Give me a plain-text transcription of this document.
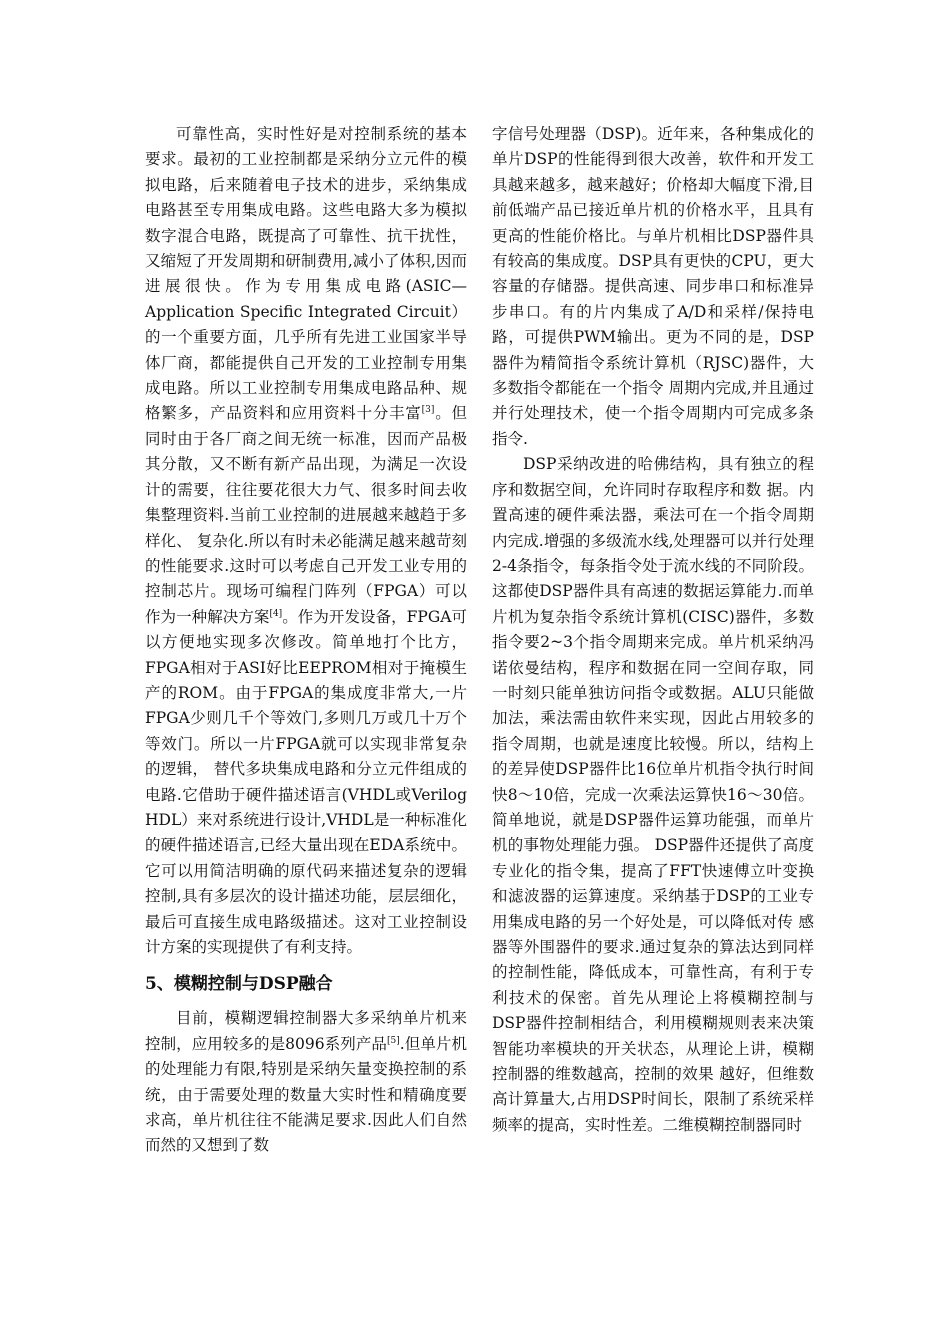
可靠性高，实时性好是对控制系统的基本要求。最初的工业控制都是采纳分立元件的模拟电路，后来随着电子技术的进步，采纳集成电路甚至专用集成电路。这些电路大多为模拟数字混合电路，既提高了可靠性、抗干扰性，又缩短了开发周期和研制费用,减小了体积,因而进展很快。作为专用集成电路(ASIC—Application Specific Integrated Circuit）的一个重要方面，几乎所有先进工业国家半导体厂商，都能提供自己开发的工业控制专用集成电路。所以工业控制专用集成电路品种、规格繁多，产品资料和应用资料十分丰富[3]。但同时由于各厂商之间无统一标准，因而产品极其分散，又不断有新产品出现，为满足一次设计的需要，往往要花很大力气、很多时间去收集整理资料.当前工业控制的进展越来越趋于多样化、 复杂化.所以有时未必能满足越来越苛刻的性能要求.这时可以考虑自己开发工业专用的控制芯片。现场可编程门阵列（FPGA）可以作为一种解决方案[4]。作为开发设备，FPGA可以方便地实现多次修改。简单地打个比方，FPGA相对于ASI好比EEPROM相对于掩模生产的ROM。由于FPGA的集成度非常大,一片FPGA少则几千个等效门,多则几万或几十万个等效门。所以一片FPGA就可以实现非常复杂的逻辑， 替代多块集成电路和分立元件组成的电路.它借助于硬件描述语言(VHDL或Verilog HDL）来对系统进行设计,VHDL是一种标准化的硬件描述语言,已经大量出现在EDA系统中。它可以用简洁明确的原代码来描述复杂的逻辑控制,具有多层次的设计描述功能，层层细化，最后可直接生成电路级描述。这对工业控制设计方案的实现提供了有利支持。

5、模糊控制与DSP融合

目前，模糊逻辑控制器大多采纳单片机来控制，应用较多的是8096系列产品[5].但单片机的处理能力有限,特别是采纳矢量变换控制的系统，由于需要处理的数量大实时性和精确度要求高，单片机往往不能满足要求.因此人们自然而然的又想到了数

字信号处理器（DSP)。近年来，各种集成化的单片DSP的性能得到很大改善，软件和开发工具越来越多，越来越好；价格却大幅度下滑,目前低端产品已接近单片机的价格水平，且具有更高的性能价格比。与单片机相比DSP器件具有较高的集成度。DSP具有更快的CPU，更大容量的存储器。提供高速、同步串口和标准异步串口。有的片内集成了A/D和采样/保持电路，可提供PWM输出。更为不同的是，DSP器件为精简指令系统计算机（RJSC)器件，大多数指令都能在一个指令 周期内完成,并且通过并行处理技术，使一个指令周期内可完成多条指令.

DSP采纳改进的哈佛结构，具有独立的程序和数据空间，允许同时存取程序和数 据。内置高速的硬件乘法器，乘法可在一个指令周期内完成.增强的多级流水线,处理器可以并行处理2-4条指令，每条指令处于流水线的不同阶段。这都使DSP器件具有高速的数据运算能力.而单片机为复杂指令系统计算机(CISC)器件，多数指令要2~3个指令周期来完成。单片机采纳冯诺依曼结构，程序和数据在同一空间存取，同一时刻只能单独访问指令或数据。ALU只能做加法，乘法需由软件来实现，因此占用较多的指令周期，也就是速度比较慢。所以，结构上的差异使DSP器件比16位单片机指令执行时间快8～10倍，完成一次乘法运算快16～30倍。简单地说，就是DSP器件运算功能强，而单片机的事物处理能力强。 DSP器件还提供了高度专业化的指令集，提高了FFT快速傅立叶变换和滤波器的运算速度。采纳基于DSP的工业专用集成电路的另一个好处是，可以降低对传 感器等外围器件的要求.通过复杂的算法达到同样的控制性能，降低成本，可靠性高，有利于专利技术的保密。首先从理论上将模糊控制与DSP器件控制相结合，利用模糊规则表来决策智能功率模块的开关状态，从理论上讲，模糊控制器的维数越高，控制的效果 越好，但维数高计算量大,占用DSP时间长，限制了系统采样频率的提高，实时性差。二维模糊控制器同时
